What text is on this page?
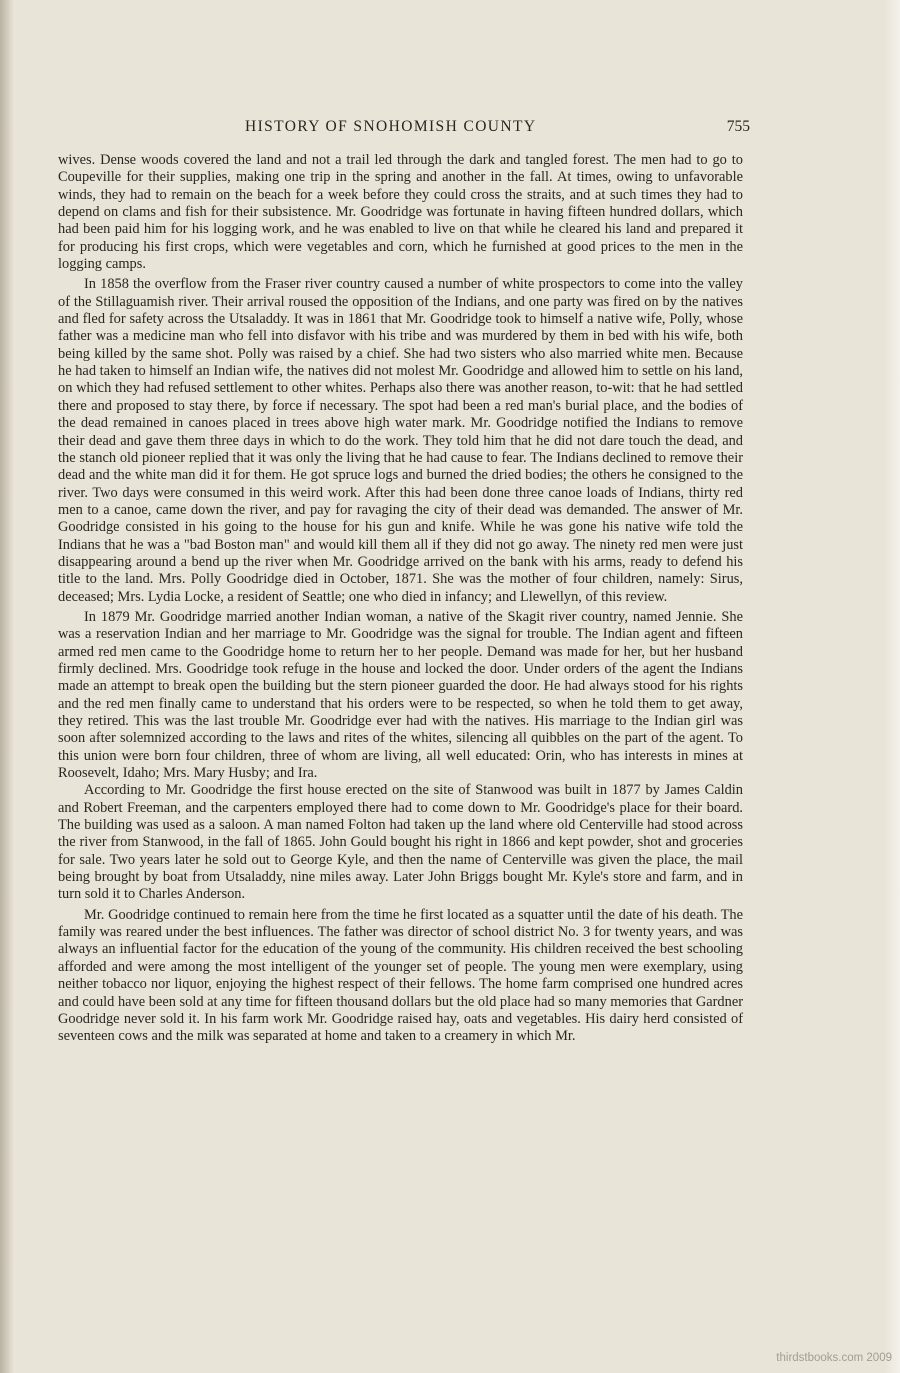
HISTORY OF SNOHOMISH COUNTY	755

wives. Dense woods covered the land and not a trail led through the dark and tangled forest. The men had to go to Coupeville for their supplies, making one trip in the spring and another in the fall. At times, owing to unfavorable winds, they had to remain on the beach for a week before they could cross the straits, and at such times they had to depend on clams and fish for their subsistence. Mr. Goodridge was fortunate in having fifteen hundred dollars, which had been paid him for his logging work, and he was enabled to live on that while he cleared his land and prepared it for producing his first crops, which were vegetables and corn, which he furnished at good prices to the men in the logging camps.

In 1858 the overflow from the Fraser river country caused a number of white prospectors to come into the valley of the Stillaguamish river. Their arrival roused the opposition of the Indians, and one party was fired on by the natives and fled for safety across the Utsaladdy. It was in 1861 that Mr. Goodridge took to himself a native wife, Polly, whose father was a medicine man who fell into disfavor with his tribe and was murdered by them in bed with his wife, both being killed by the same shot. Polly was raised by a chief. She had two sisters who also married white men. Because he had taken to himself an Indian wife, the natives did not molest Mr. Goodridge and allowed him to settle on his land, on which they had refused settlement to other whites. Perhaps also there was another reason, to-wit: that he had settled there and proposed to stay there, by force if necessary. The spot had been a red man's burial place, and the bodies of the dead remained in canoes placed in trees above high water mark. Mr. Goodridge notified the Indians to remove their dead and gave them three days in which to do the work. They told him that he did not dare touch the dead, and the stanch old pioneer replied that it was only the living that he had cause to fear. The Indians declined to remove their dead and the white man did it for them. He got spruce logs and burned the dried bodies; the others he consigned to the river. Two days were consumed in this weird work. After this had been done three canoe loads of Indians, thirty red men to a canoe, came down the river, and pay for ravaging the city of their dead was demanded. The answer of Mr. Goodridge consisted in his going to the house for his gun and knife. While he was gone his native wife told the Indians that he was a "bad Boston man" and would kill them all if they did not go away. The ninety red men were just disappearing around a bend up the river when Mr. Goodridge arrived on the bank with his arms, ready to defend his title to the land. Mrs. Polly Goodridge died in October, 1871. She was the mother of four children, namely: Sirus, deceased; Mrs. Lydia Locke, a resident of Seattle; one who died in infancy; and Llewellyn, of this review.

In 1879 Mr. Goodridge married another Indian woman, a native of the Skagit river country, named Jennie. She was a reservation Indian and her marriage to Mr. Goodridge was the signal for trouble. The Indian agent and fifteen armed red men came to the Goodridge home to return her to her people. Demand was made for her, but her husband firmly declined. Mrs. Goodridge took refuge in the house and locked the door. Under orders of the agent the Indians made an attempt to break open the building but the stern pioneer guarded the door. He had always stood for his rights and the red men finally came to understand that his orders were to be respected, so when he told them to get away, they retired. This was the last trouble Mr. Goodridge ever had with the natives. His marriage to the Indian girl was soon after solemnized according to the laws and rites of the whites, silencing all quibbles on the part of the agent. To this union were born four children, three of whom are living, all well educated: Orin, who has interests in mines at Roosevelt, Idaho; Mrs. Mary Husby; and Ira.

According to Mr. Goodridge the first house erected on the site of Stanwood was built in 1877 by James Caldin and Robert Freeman, and the carpenters employed there had to come down to Mr. Goodridge's place for their board. The building was used as a saloon. A man named Folton had taken up the land where old Centerville had stood across the river from Stanwood, in the fall of 1865. John Gould bought his right in 1866 and kept powder, shot and groceries for sale. Two years later he sold out to George Kyle, and then the name of Centerville was given the place, the mail being brought by boat from Utsaladdy, nine miles away. Later John Briggs bought Mr. Kyle's store and farm, and in turn sold it to Charles Anderson.

Mr. Goodridge continued to remain here from the time he first located as a squatter until the date of his death. The family was reared under the best influences. The father was director of school district No. 3 for twenty years, and was always an influential factor for the education of the young of the community. His children received the best schooling afforded and were among the most intelligent of the younger set of people. The young men were exemplary, using neither tobacco nor liquor, enjoying the highest respect of their fellows. The home farm comprised one hundred acres and could have been sold at any time for fifteen thousand dollars but the old place had so many memories that Gardner Goodridge never sold it. In his farm work Mr. Goodridge raised hay, oats and vegetables. His dairy herd consisted of seventeen cows and the milk was separated at home and taken to a creamery in which Mr.

thirdstbooks.com 2009
